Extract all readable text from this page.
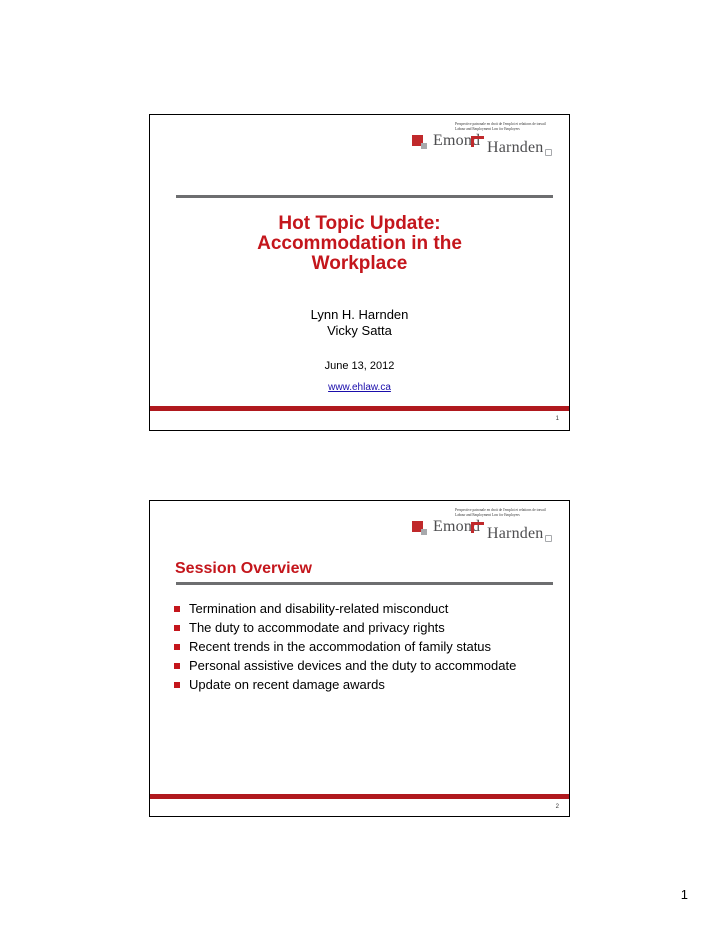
Perspective patronale en droit de l'emploi et relations de travail
Labour and Employment Law for Employers
Emond Harnden
Hot Topic Update:
Accommodation in the
Workplace
Lynn H. Harnden
Vicky Satta
June 13, 2012
www.ehlaw.ca
1
Perspective patronale en droit de l'emploi et relations de travail
Labour and Employment Law for Employers
Emond Harnden
Session Overview
Termination and disability-related misconduct
The duty to accommodate and privacy rights
Recent trends in the accommodation of family status
Personal assistive devices and the duty to accommodate
Update on recent damage awards
2
1
